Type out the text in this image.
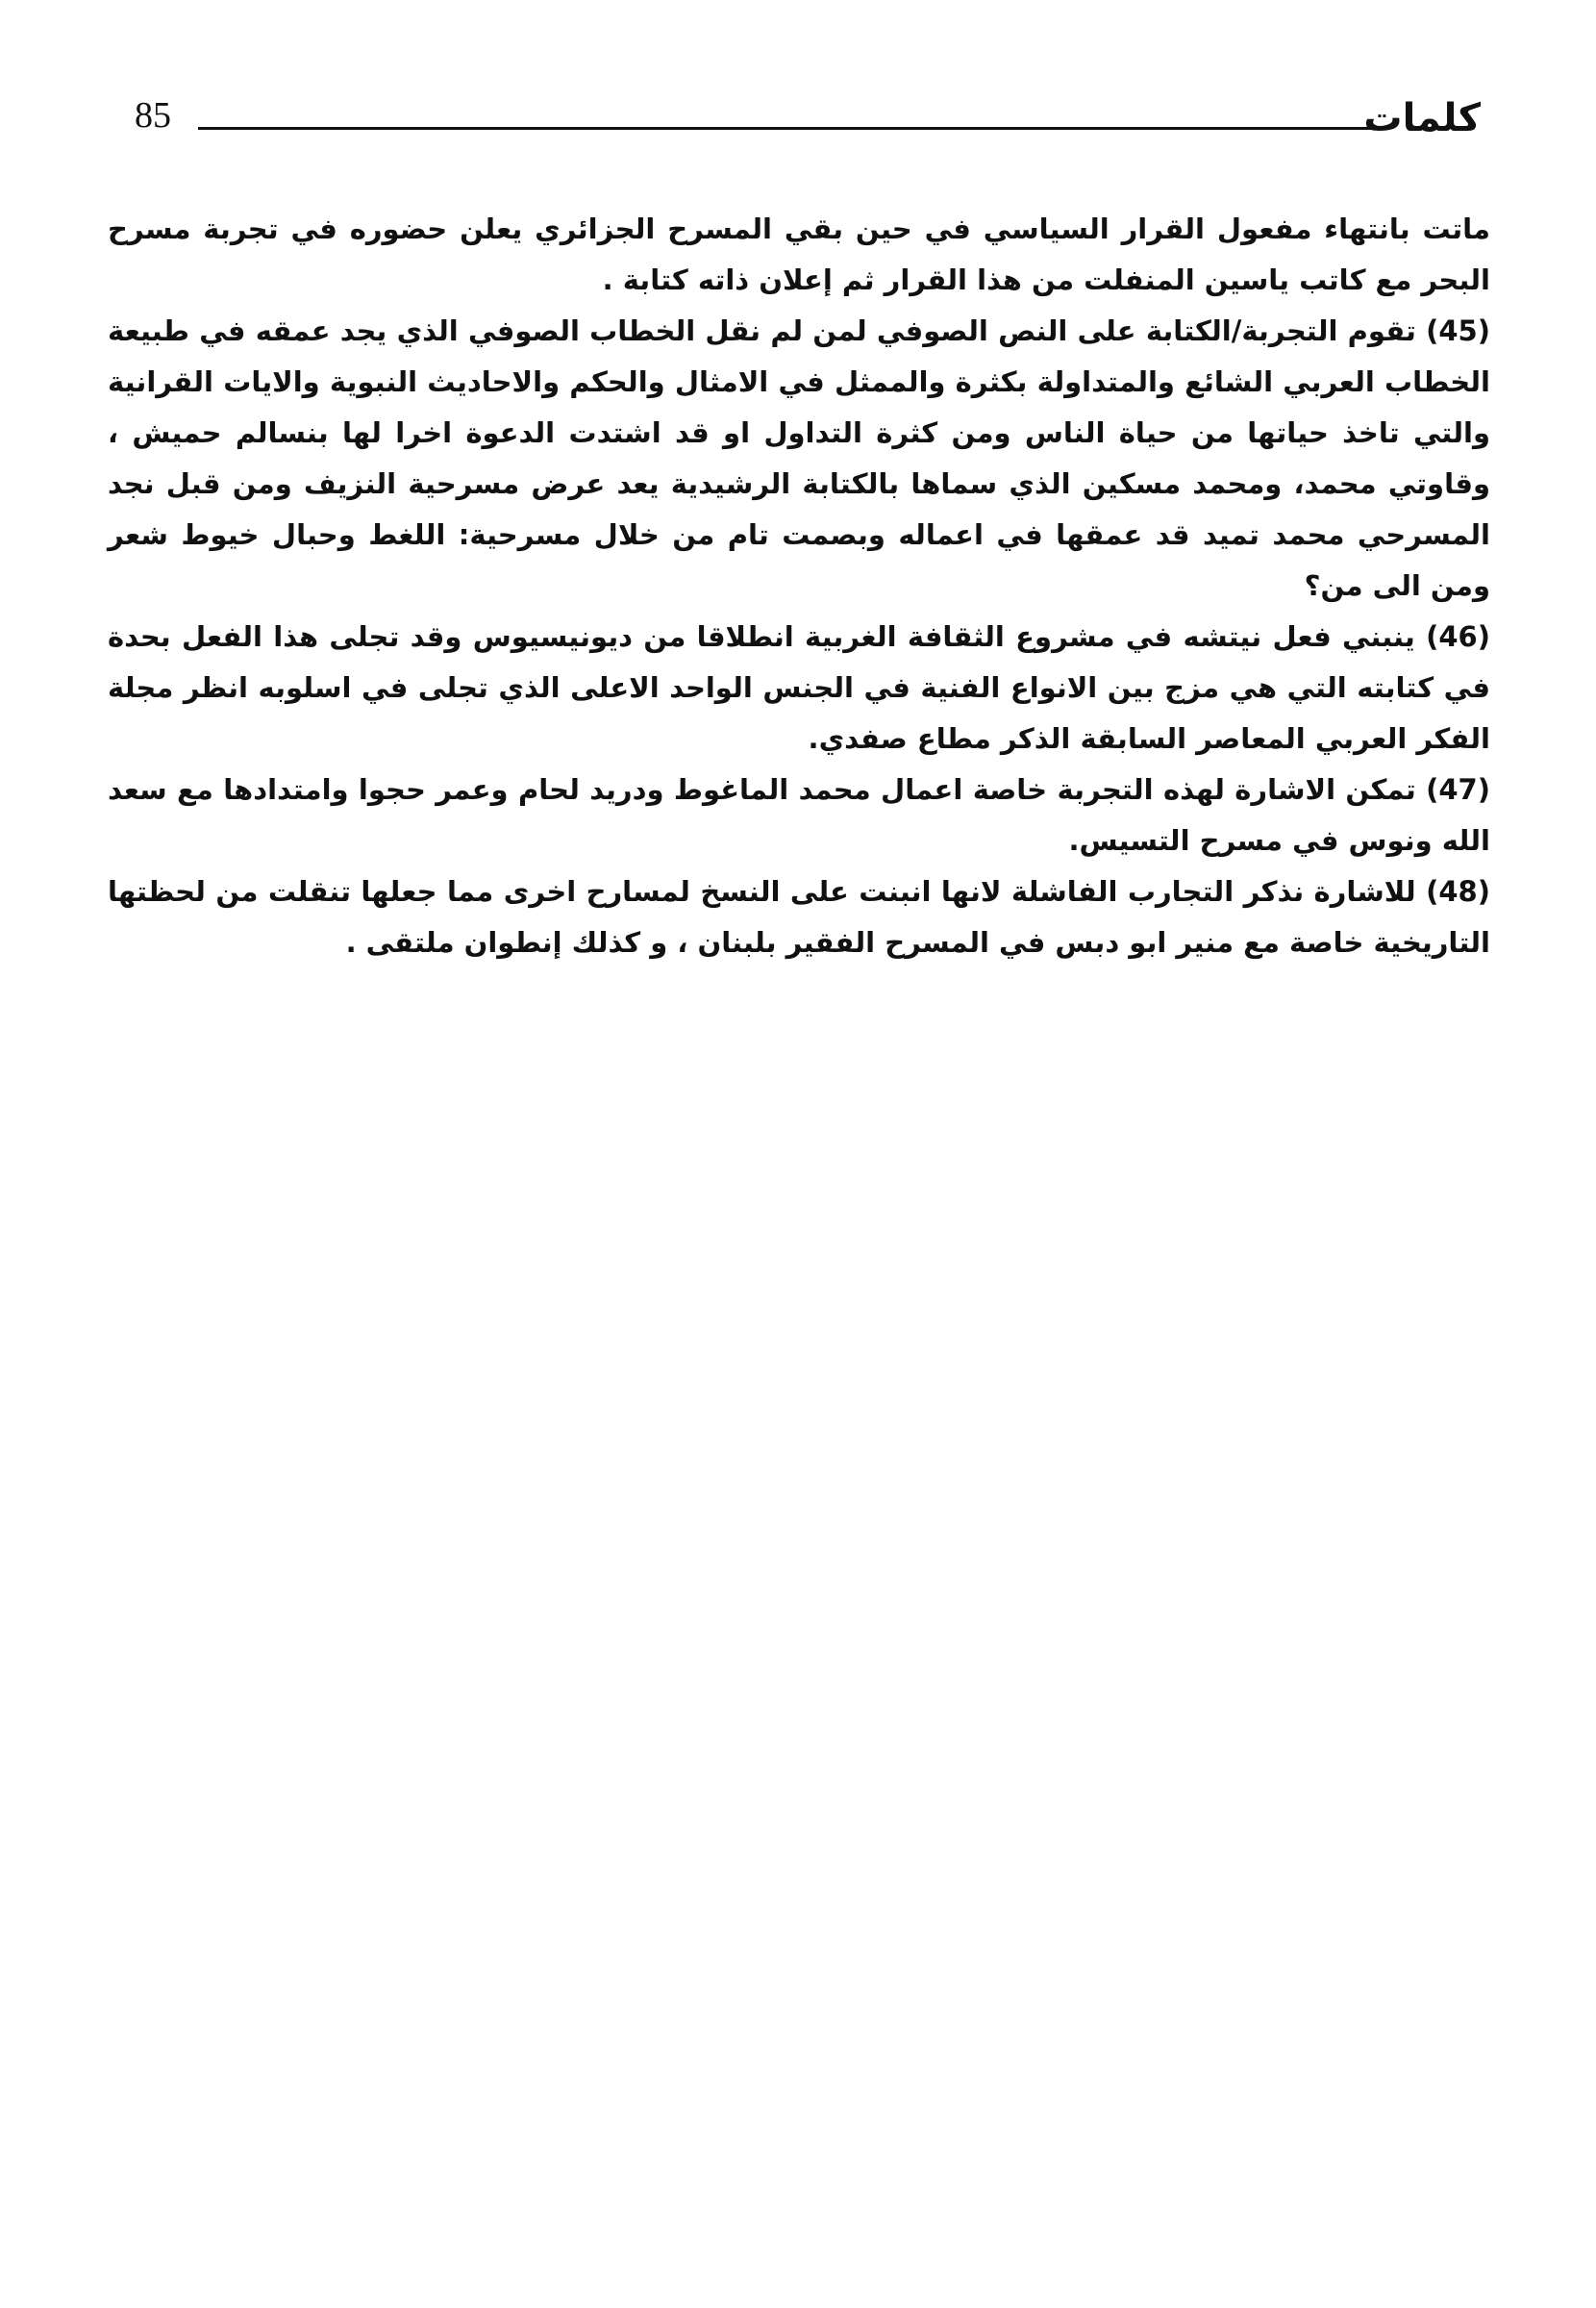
85	كلمات

ماتت بانتهاء مفعول القرار السياسي في حين بقي المسرح الجزائري يعلن حضوره في تجربة مسرح البحر مع كاتب ياسين المنفلت من هذا القرار ثم إعلان ذاته كتابة .

(45) تقوم التجربة/الكتابة على النص الصوفي لمن لم نقل الخطاب الصوفي الذي يجد عمقه في طبيعة الخطاب العربي الشائع والمتداولة بكثرة والممثل في الامثال والحكم والاحاديث النبوية والايات القرانية والتي تاخذ حياتها من حياة الناس ومن كثرة التداول او قد اشتدت الدعوة اخرا لها بنسالم حميش ، وقاوتي محمد، ومحمد مسكين الذي سماها بالكتابة الرشيدية يعد عرض مسرحية النزيف ومن قبل نجد المسرحي محمد تميد قد عمقها في اعماله وبصمت تام من خلال مسرحية: اللغط وحبال خيوط شعر ومن الى من؟

(46) ينبني فعل نيتشه في مشروع الثقافة الغربية انطلاقا من ديونيسيوس وقد تجلى هذا الفعل بحدة في كتابته التي هي مزج بين الانواع الفنية في الجنس الواحد الاعلى الذي تجلى في اسلوبه انظر مجلة الفكر العربي المعاصر السابقة الذكر مطاع صفدي.

(47) تمكن الاشارة لهذه التجربة خاصة اعمال محمد الماغوط ودريد لحام وعمر حجوا وامتدادها مع سعد الله ونوس في مسرح التسيس.

(48) للاشارة نذكر التجارب الفاشلة لانها انبنت على النسخ لمسارح اخرى مما جعلها تنقلت من لحظتها التاريخية خاصة مع منير ابو دبس في المسرح الفقير بلبنان ، و كذلك إنطوان ملتقى .
